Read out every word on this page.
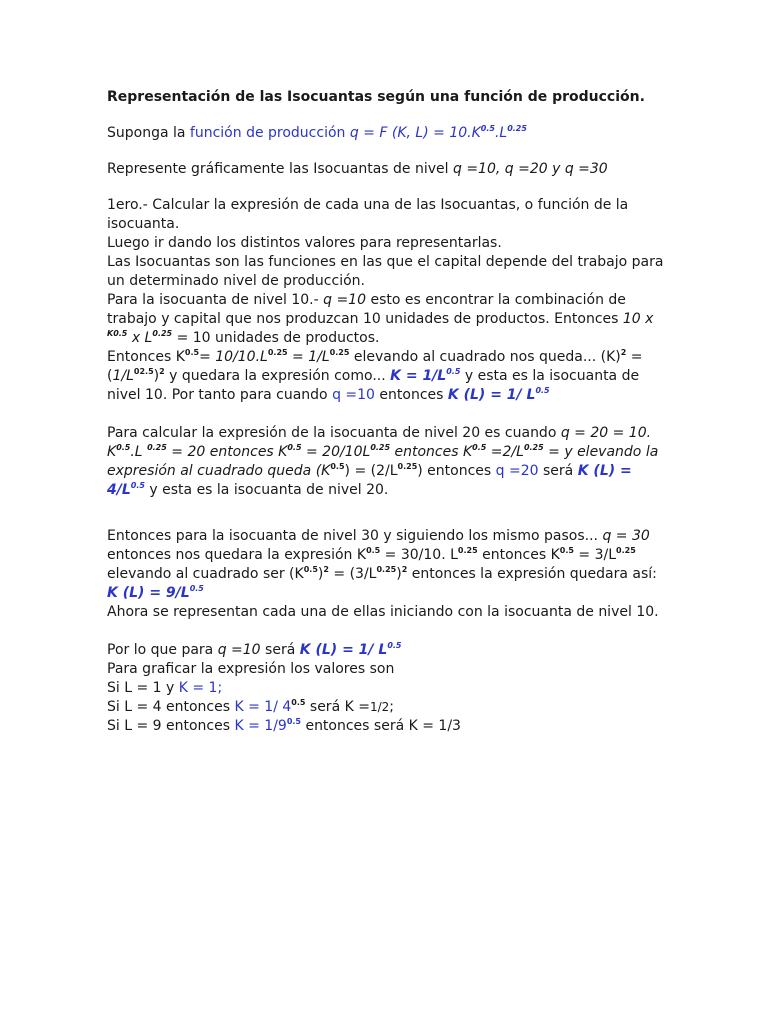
Representación de las Isocuantas según una función de producción.

Suponga la función de producción q = F (K, $L) = 10.K^{0.5}.L^{0.25}$

Represente gráficamente las Isocuantas de nivel q =10, q =20 y q =30

1ero.- Calcular la expresión de cada una de las Isocuantas, o función de la isocuanta.

Luego ir dando los distintos valores para representarlas.

Las Isocuantas son las funciones en las que el capital depende del trabajo para un determinado nivel de producción.

Para la isocuanta de nivel 10.- q =10 esto es encontrar la combinación de trabajo y capital que nos produzcan 10 unidades de productos. Entonces 10 x $^{K0.5}$ x $L^{0.25} = 10$ unidades de productos.

Entonces $K^{0.5}= 10/10.L^{0.25} = 1/L^{0.25}$ elevando al cuadrado nos queda... $(K)^2 = (1/L^{02.5})^2$ y quedara la expresión como... $K = 1/L^{0.5}$ y esta es la isocuanta de nivel 10. Por tanto para cuando q =10 entonces K (L) = 1/ $L^{0.5}$

Para calcular la expresión de la isocuanta de nivel 20 es cuando q = 20 = 10. $K^{0.5}.L$ $^{0.25}$ = 20 entonces $K^{0.5} = 20/10L^{0.25}$ entonces $K^{0.5} =2/L^{0.25} = y$ elevando la expresión al cuadrado queda $(K^{0.5}) = (2/L^{0.25})$ entonces q =20 será K $(L) = 4/L^{0.5}$ y esta es la isocuanta de nivel 20.

Entonces para la isocuanta de nivel 30 y siguiendo los mismo pasos... q = 30 entonces nos quedara la expresión $K^{0.5} = 30/10$. $L^{0.25}$ entonces $K^{0.5} = 3/L^{0.25}$ elevando al cuadrado ser $(K^{0.5})^2 = (3/L^{0.25})^2$ entonces la expresión quedara así:

K $(L) = 9/L^{0.5}$

Ahora se representan cada una de ellas iniciando con la isocuanta de nivel 10.

Por lo que para q =10 será K (L) = 1/ $L^{0.5}$

Para graficar la expresión los valores son

Si L = 1 y K = 1;

Si L = 4 entonces K = 1/ $4^{0.5}$ será K =1/2;

Si L = 9 entonces $K = 1/9^{0.5}$ entonces será K = 1/3
